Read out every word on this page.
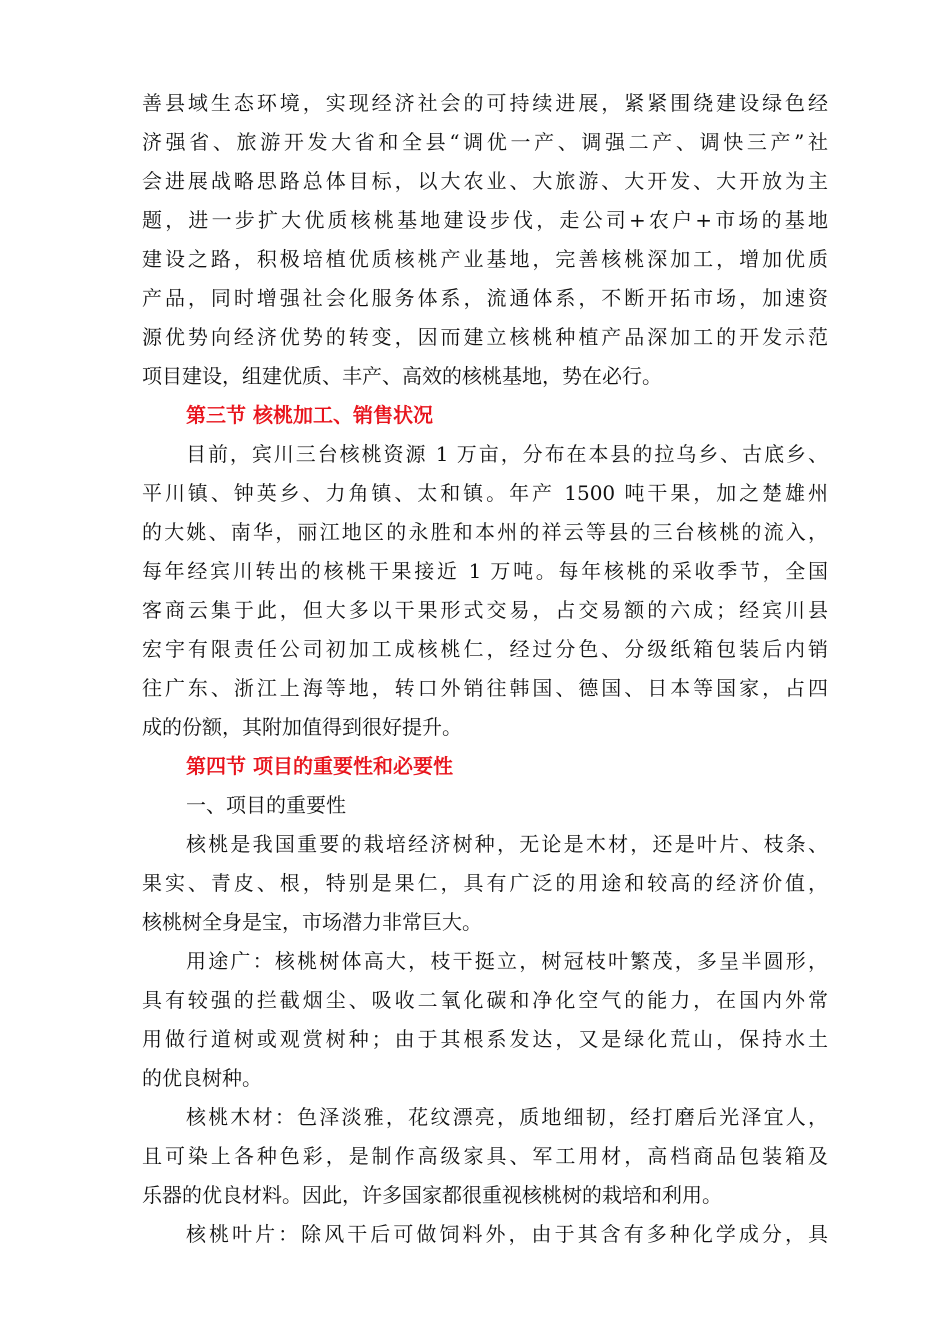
善县域生态环境，实现经济社会的可持续进展，紧紧围绕建设绿色经
济强省、旅游开发大省和全县“调优一产、调强二产、调快三产”社
会进展战略思路总体目标，以大农业、大旅游、大开发、大开放为主
题，进一步扩大优质核桃基地建设步伐，走公司+农户+市场的基地
建设之路，积极培植优质核桃产业基地，完善核桃深加工，增加优质
产品，同时增强社会化服务体系，流通体系，不断开拓市场，加速资
源优势向经济优势的转变，因而建立核桃种植产品深加工的开发示范
项目建设，组建优质、丰产、高效的核桃基地，势在必行。
第三节 核桃加工、销售状况
目前，宾川三台核桃资源 1 万亩，分布在本县的拉乌乡、古底乡、
平川镇、钟英乡、力角镇、太和镇。年产 1500 吨干果，加之楚雄州
的大姚、南华，丽江地区的永胜和本州的祥云等县的三台核桃的流入，
每年经宾川转出的核桃干果接近 1 万吨。每年核桃的采收季节，全国
客商云集于此，但大多以干果形式交易，占交易额的六成；经宾川县
宏宇有限责任公司初加工成核桃仁，经过分色、分级纸箱包装后内销
往广东、浙江上海等地，转口外销往韩国、德国、日本等国家，占四
成的份额，其附加值得到很好提升。
第四节 项目的重要性和必要性
一、项目的重要性
核桃是我国重要的栽培经济树种，无论是木材，还是叶片、枝条、
果实、青皮、根，特别是果仁，具有广泛的用途和较高的经济价值，
核桃树全身是宝，市场潜力非常巨大。
用途广：核桃树体高大，枝干挺立，树冠枝叶繁茂，多呈半圆形，
具有较强的拦截烟尘、吸收二氧化碳和净化空气的能力，在国内外常
用做行道树或观赏树种；由于其根系发达，又是绿化荒山，保持水土
的优良树种。
核桃木材：色泽淡雅，花纹漂亮，质地细韧，经打磨后光泽宜人，
且可染上各种色彩，是制作高级家具、军工用材，高档商品包装箱及
乐器的优良材料。因此，许多国家都很重视核桃树的栽培和利用。
核桃叶片：除风干后可做饲料外，由于其含有多种化学成分，具
